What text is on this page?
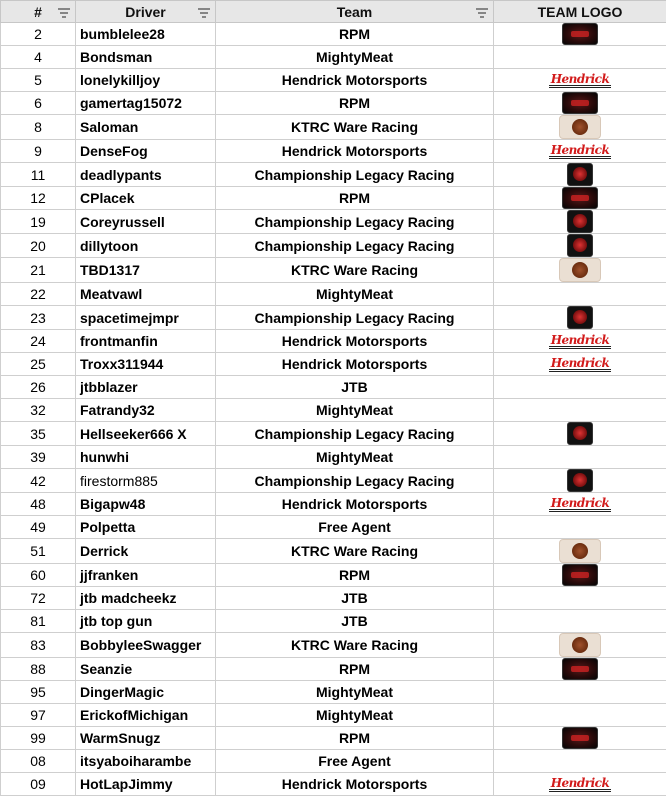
#	Driver	Team	TEAM LOGO
2	bumblelee28	RPM	
4	Bondsman	MightyMeat	
5	lonelykilljoy	Hendrick Motorsports	Hendrick
6	gamertag15072	RPM	
8	Saloman	KTRC Ware Racing	
9	DenseFog	Hendrick Motorsports	Hendrick
11	deadlypants	Championship Legacy Racing	
12	CPlacek	RPM	
19	Coreyrussell	Championship Legacy Racing	
20	dillytoon	Championship Legacy Racing	
21	TBD1317	KTRC Ware Racing	
22	Meatvawl	MightyMeat	
23	spacetimejmpr	Championship Legacy Racing	
24	frontmanfin	Hendrick Motorsports	Hendrick
25	Troxx311944	Hendrick Motorsports	Hendrick
26	jtbblazer	JTB	
32	Fatrandy32	MightyMeat	
35	Hellseeker666 X	Championship Legacy Racing	
39	hunwhi	MightyMeat	
42	firestorm885	Championship Legacy Racing	
48	Bigapw48	Hendrick Motorsports	Hendrick
49	Polpetta	Free Agent	
51	Derrick	KTRC Ware Racing	
60	jjfranken	RPM	
72	jtb madcheekz	JTB	
81	jtb top gun	JTB	
83	BobbyleeSwagger	KTRC Ware Racing	
88	Seanzie	RPM	
95	DingerMagic	MightyMeat	
97	ErickofMichigan	MightyMeat	
99	WarmSnugz	RPM	
08	itsyaboiharambe	Free Agent	
09	HotLapJimmy	Hendrick Motorsports	Hendrick
